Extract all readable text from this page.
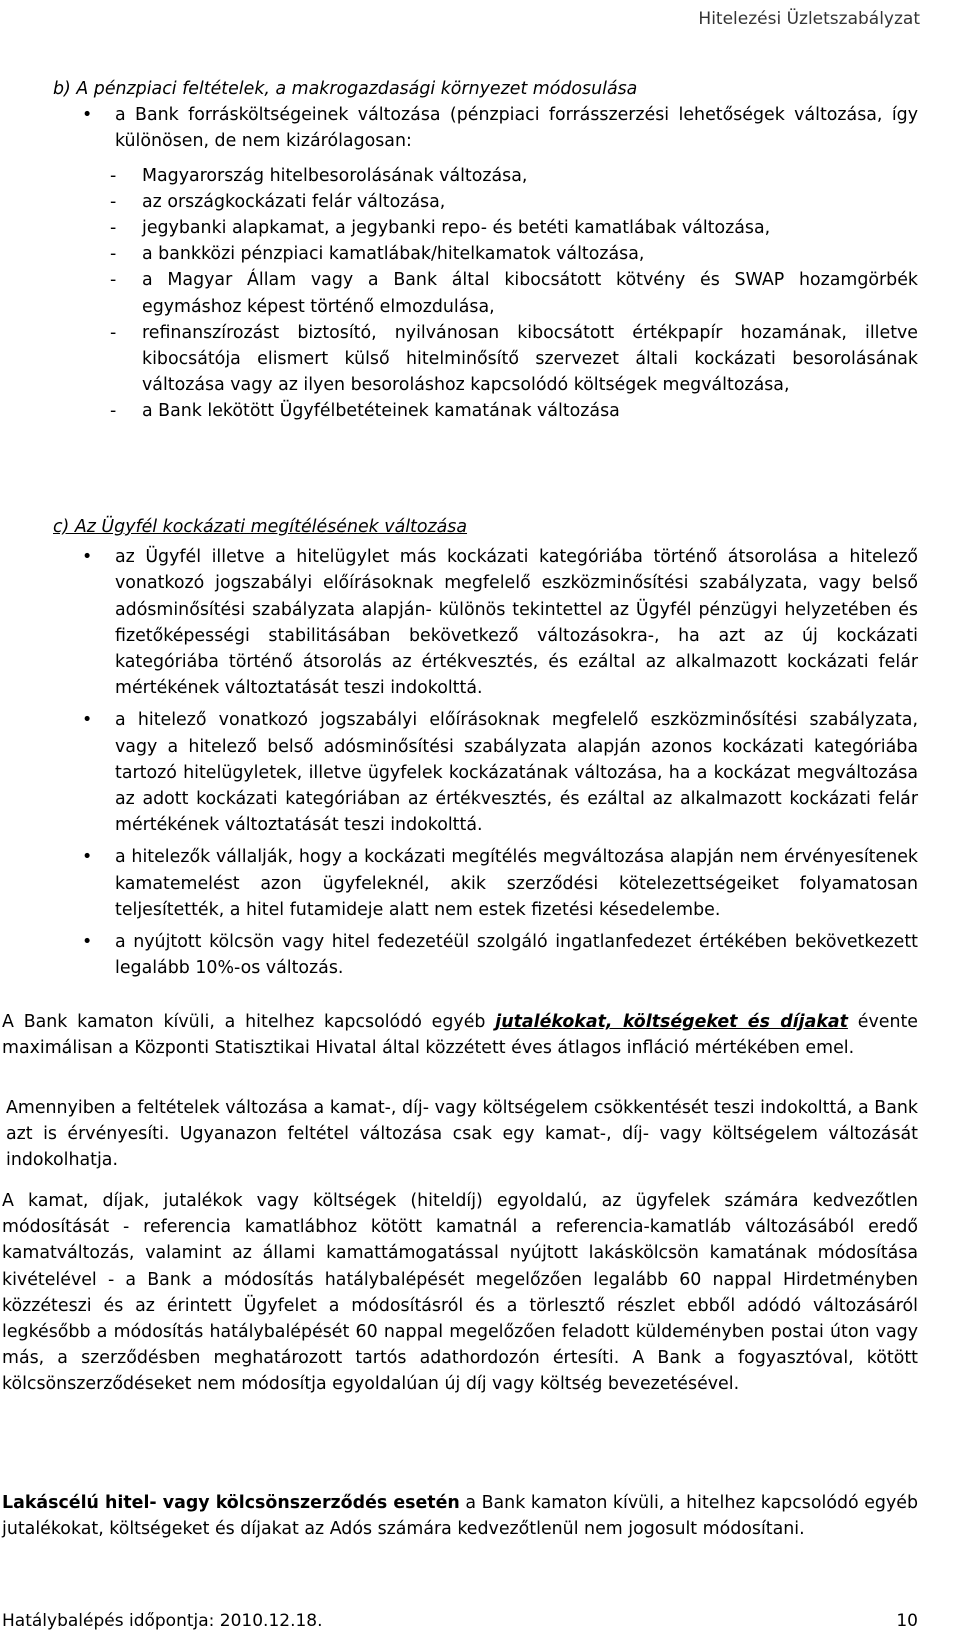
Hitelezési Üzletszabályzat
b) A pénzpiaci feltételek, a makrogazdasági környezet módosulása
• a Bank forrásköltségeinek változása (pénzpiaci forrásszerzési lehetőségek változása, így különösen, de nem kizárólagosan:
- Magyarország hitelbesorolásának változása,
- az országkockázati felár változása,
- jegybanki alapkamat, a jegybanki repo- és betéti kamatlábak változása,
- a bankközi pénzpiaci kamatlábak/hitelkamatok változása,
- a Magyar Állam vagy a Bank által kibocsátott kötvény és SWAP hozamgörbék egymáshoz képest történő elmozdulása,
- refinanszírozást biztosító, nyilvánosan kibocsátott értékpapír hozamának, illetve kibocsátója elismert külső hitelminősítő szervezet általi kockázati besorolásának változása vagy az ilyen besoroláshoz kapcsolódó költségek megváltozása,
- a Bank lekötött Ügyfélbetéteinek kamatának változása
c) Az Ügyfél kockázati megítélésének változása
• az Ügyfél illetve a hitelügylet más kockázati kategóriába történő átsorolása a hitelező vonatkozó jogszabályi előírásoknak megfelelő eszközminősítési szabályzata, vagy belső adósminősítési szabályzata alapján- különös tekintettel az Ügyfél pénzügyi helyzetében és fizetőképességi stabilitásában bekövetkező változásokra-, ha azt az új kockázati kategóriába történő átsorolás az értékvesztés, és ezáltal az alkalmazott kockázati felár mértékének változtatását teszi indokolttá.
• a hitelező vonatkozó jogszabályi előírásoknak megfelelő eszközminősítési szabályzata, vagy a hitelező belső adósminősítési szabályzata alapján azonos kockázati kategóriába tartozó hitelügyletek, illetve ügyfelek kockázatának változása, ha a kockázat megváltozása az adott kockázati kategóriában az értékvesztés, és ezáltal az alkalmazott kockázati felár mértékének változtatását teszi indokolttá.
• a hitelezők vállalják, hogy a kockázati megítélés megváltozása alapján nem érvényesítenek kamatemelést azon ügyfeleknél, akik szerződési kötelezettségeiket folyamatosan teljesítették, a hitel futamideje alatt nem estek fizetési késedelembe.
• a nyújtott kölcsön vagy hitel fedezetéül szolgáló ingatlanfedezet értékében bekövetkezett legalább 10%-os változás.
A Bank kamaton kívüli, a hitelhez kapcsolódó egyéb jutalékokat, költségeket és díjakat évente maximálisan a Központi Statisztikai Hivatal által közzétett éves átlagos infláció mértékében emel.
Amennyiben a feltételek változása a kamat-, díj- vagy költségelem csökkentését teszi indokolttá, a Bank azt is érvényesíti. Ugyanazon feltétel változása csak egy kamat-, díj- vagy költségelem változását indokolhatja.
A kamat, díjak, jutalékok vagy költségek (hiteldíj) egyoldalú, az ügyfelek számára kedvezőtlen módosítását - referencia kamatlábhoz kötött kamatnál a referencia-kamatláb változásából eredő kamatváltozás, valamint az állami kamattámogatással nyújtott lakáskölcsön kamatának módosítása kivételével - a Bank a módosítás hatálybalépését megelőzően legalább 60 nappal Hirdetményben közzéteszi és az érintett Ügyfelet a módosításról és a törlesztő részlet ebből adódó változásáról legkésőbb a módosítás hatálybalépését 60 nappal megelőzően feladott küldeményben postai úton vagy más, a szerződésben meghatározott tartós adathordozón értesíti. A Bank a fogyasztóval, kötött kölcsönszerződéseket nem módosítja egyoldalúan új díj vagy költség bevezetésével.
Lakáscélú hitel- vagy kölcsönszerződés esetén a Bank kamaton kívüli, a hitelhez kapcsolódó egyéb jutalékokat, költségeket és díjakat az Adós számára kedvezőtlenül nem jogosult módosítani.
Hatálybalépés időpontja: 2010.12.18.	10
